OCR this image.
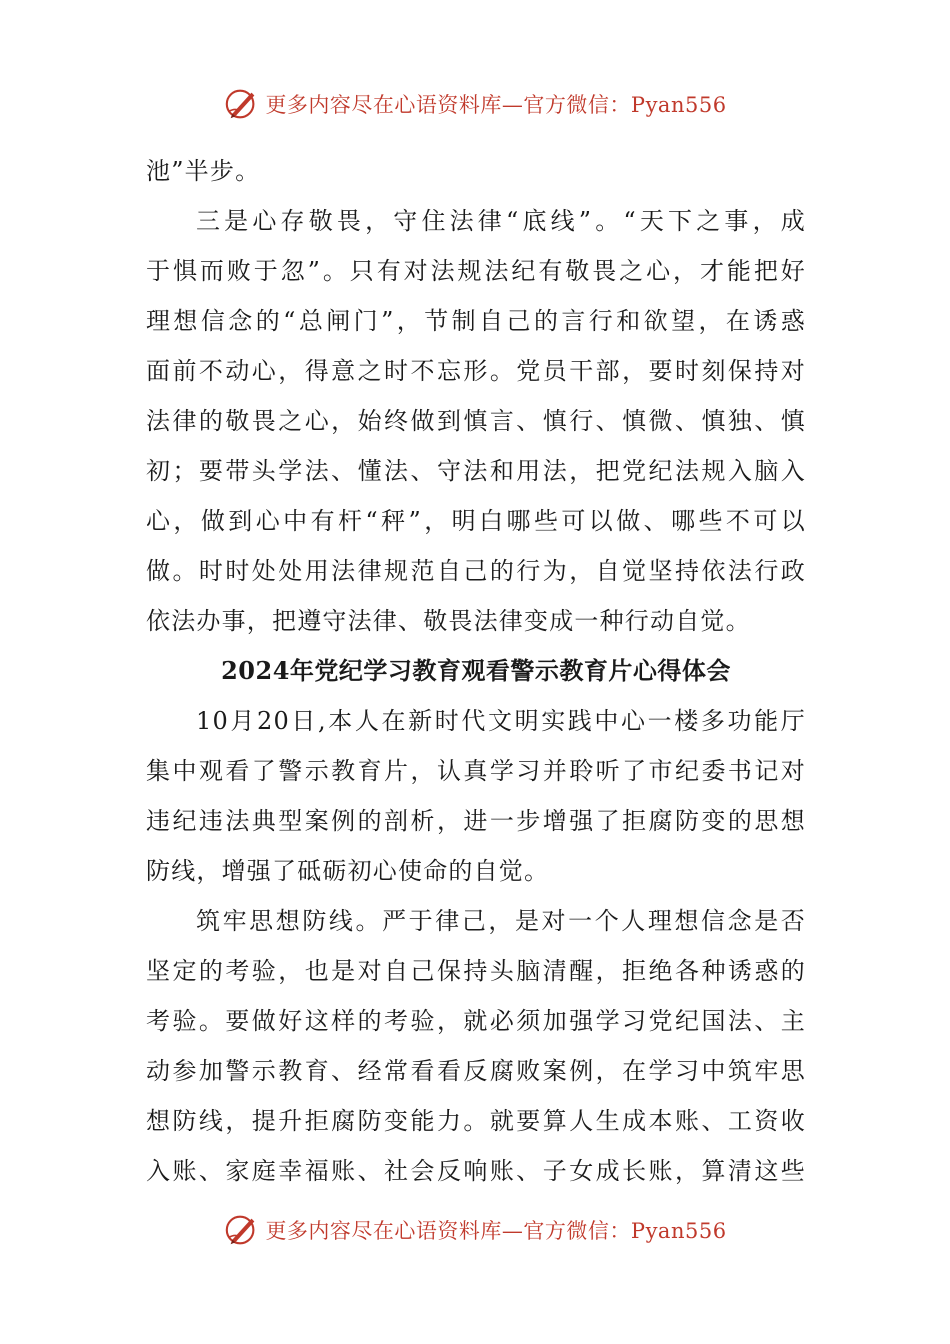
更多内容尽在心语资料库—官方微信：Pyan556
池”半步。
三是心存敬畏，守住法律“底线”。“天下之事，成
于惧而败于忽”。只有对法规法纪有敬畏之心，才能把好
理想信念的“总闸门”，节制自己的言行和欲望，在诱惑
面前不动心，得意之时不忘形。党员干部，要时刻保持对
法律的敬畏之心，始终做到慎言、慎行、慎微、慎独、慎
初；要带头学法、懂法、守法和用法，把党纪法规入脑入
心，做到心中有杆“秤”，明白哪些可以做、哪些不可以
做。时时处处用法律规范自己的行为，自觉坚持依法行政
依法办事，把遵守法律、敬畏法律变成一种行动自觉。
2024年党纪学习教育观看警示教育片心得体会
10月20日,本人在新时代文明实践中心一楼多功能厅
集中观看了警示教育片，认真学习并聆听了市纪委书记对
违纪违法典型案例的剖析，进一步增强了拒腐防变的思想
防线，增强了砥砺初心使命的自觉。
筑牢思想防线。严于律己，是对一个人理想信念是否
坚定的考验，也是对自己保持头脑清醒，拒绝各种诱惑的
考验。要做好这样的考验，就必须加强学习党纪国法、主
动参加警示教育、经常看看反腐败案例，在学习中筑牢思
想防线，提升拒腐防变能力。就要算人生成本账、工资收
入账、家庭幸福账、社会反响账、子女成长账，算清这些
更多内容尽在心语资料库—官方微信：Pyan556
